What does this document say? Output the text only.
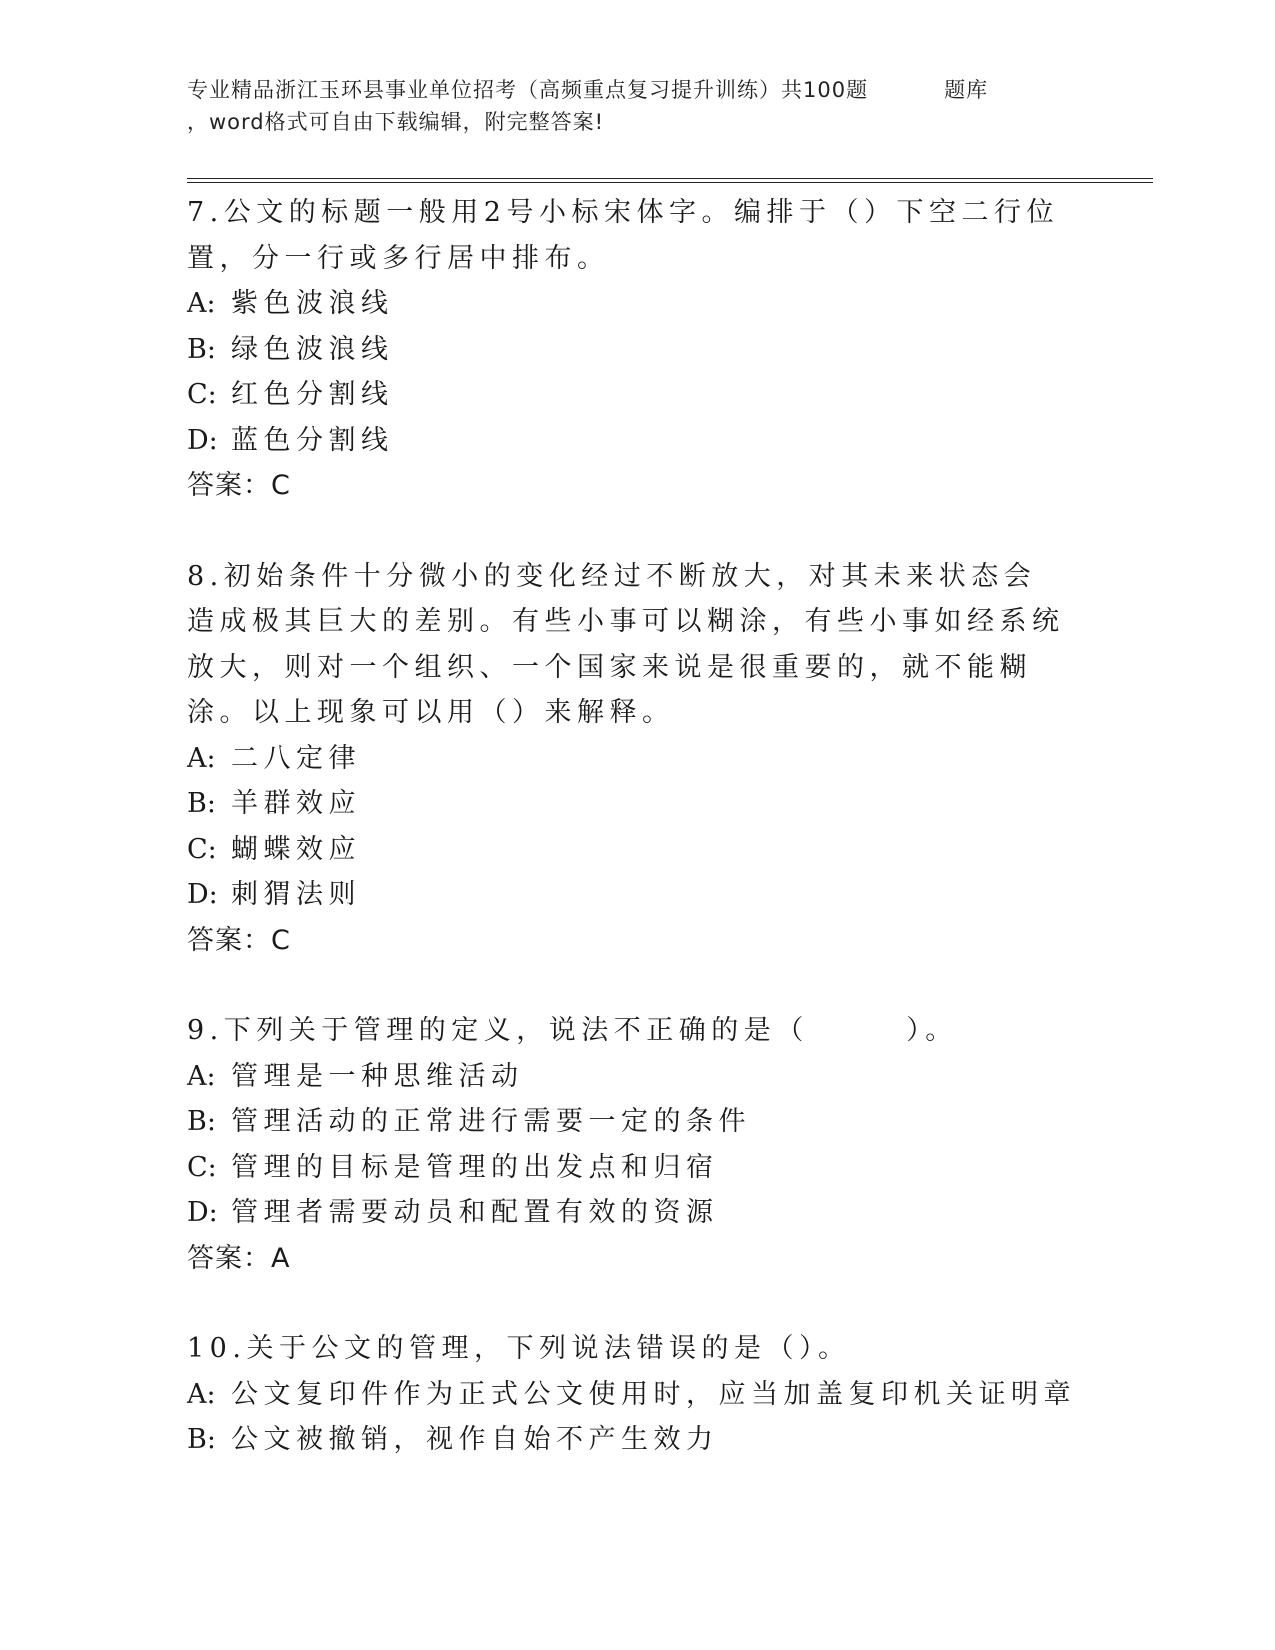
专业精品浙江玉环县事业单位招考（高频重点复习提升训练）共100题	题库
，word格式可自由下载编辑，附完整答案!

7.公文的标题一般用2号小标宋体字。编排于（）下空二行位置，分一行或多行居中排布。

A: 紫色波浪线

B: 绿色波浪线

C: 红色分割线

D: 蓝色分割线

答案：C

8.初始条件十分微小的变化经过不断放大，对其未来状态会造成极其巨大的差别。有些小事可以糊涂，有些小事如经系统放大，则对一个组织、一个国家来说是很重要的，就不能糊涂。以上现象可以用（）来解释。

A: 二八定律

B: 羊群效应

C: 蝴蝶效应

D: 刺猬法则

答案：C

9.下列关于管理的定义，说法不正确的是（　　　）。

A: 管理是一种思维活动

B: 管理活动的正常进行需要一定的条件

C: 管理的目标是管理的出发点和归宿

D: 管理者需要动员和配置有效的资源

答案：A

10.关于公文的管理，下列说法错误的是（）。

A: 公文复印件作为正式公文使用时，应当加盖复印机关证明章

B: 公文被撤销，视作自始不产生效力
